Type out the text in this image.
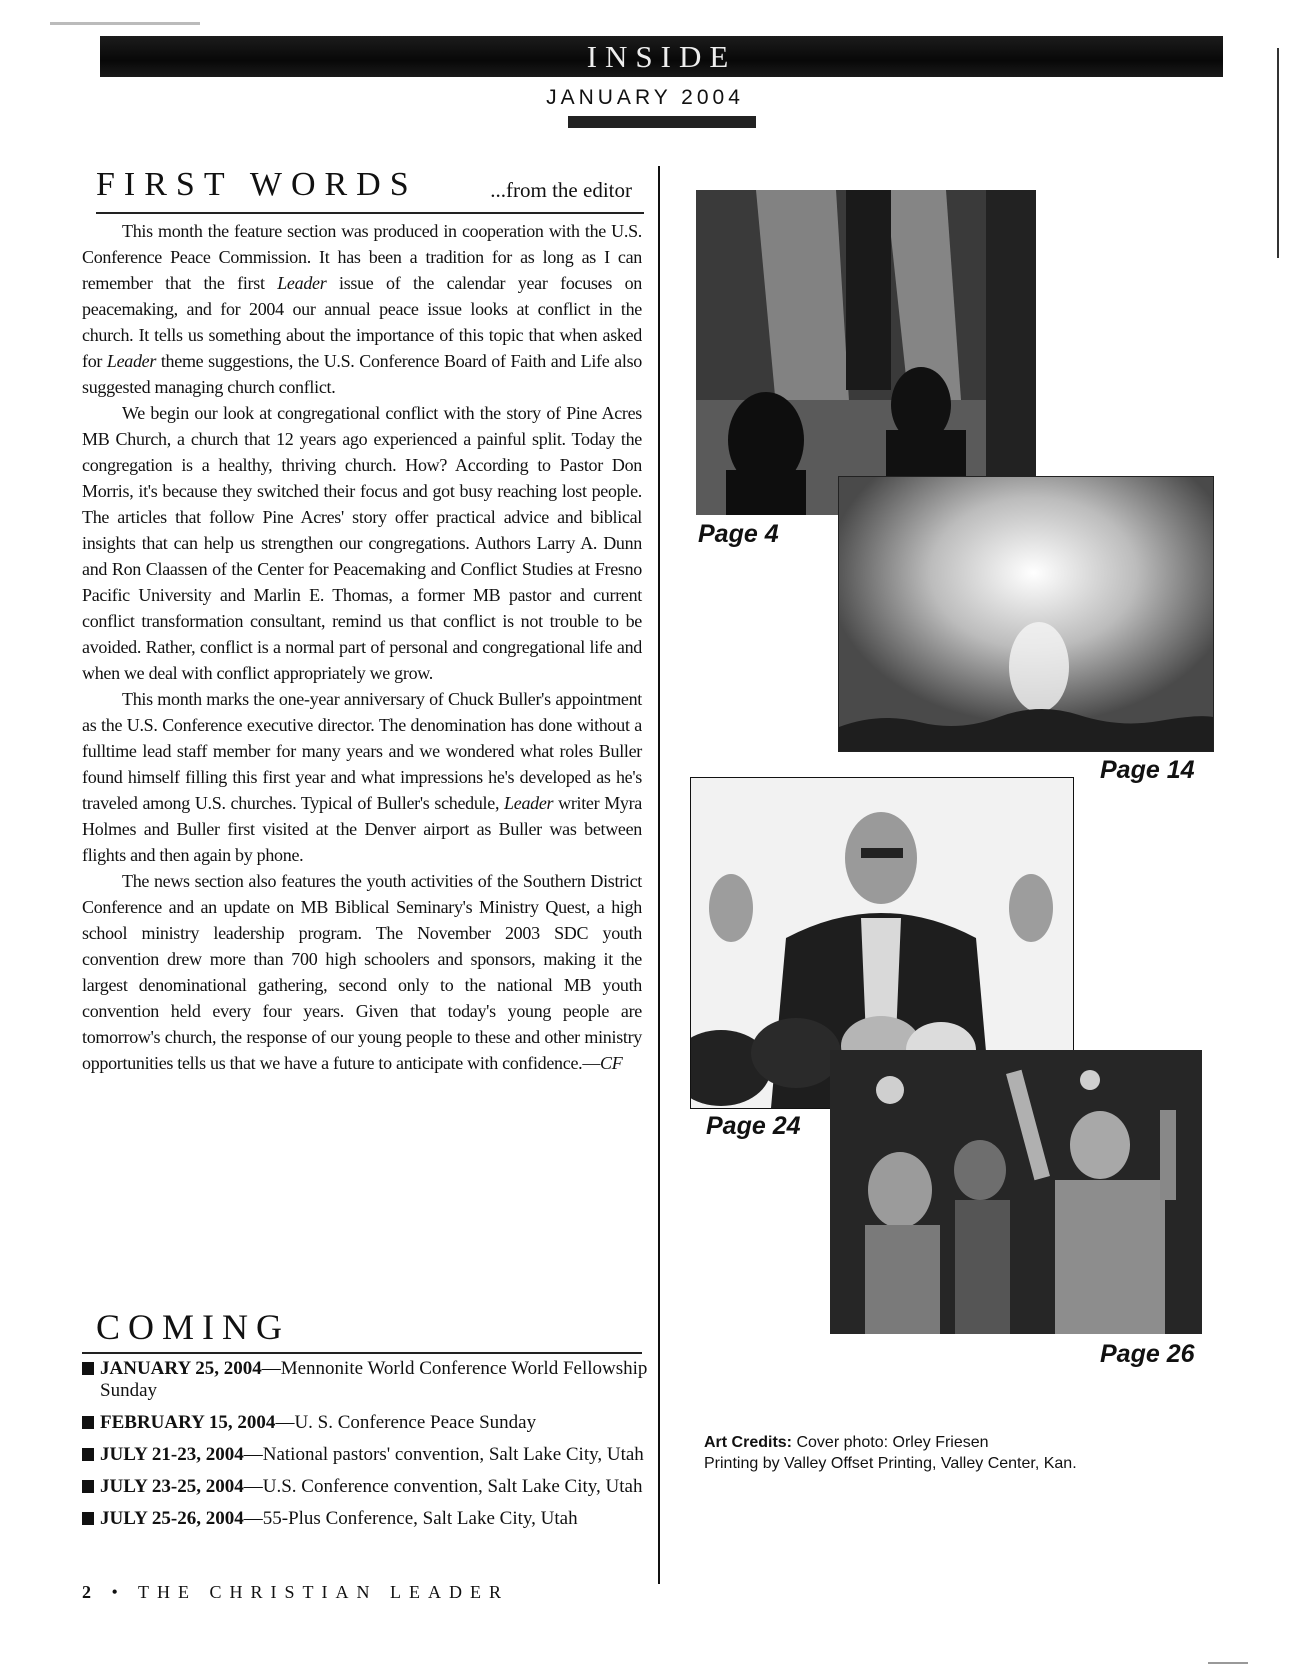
INSIDE
JANUARY 2004
FIRST WORDS	...from the editor

This month the feature section was produced in cooperation with the U.S. Conference Peace Commission. It has been a tradition for as long as I can remember that the first Leader issue of the calendar year focuses on peacemaking, and for 2004 our annual peace issue looks at conflict in the church. It tells us something about the importance of this topic that when asked for Leader theme suggestions, the U.S. Conference Board of Faith and Life also suggested managing church conflict.

We begin our look at congregational conflict with the story of Pine Acres MB Church, a church that 12 years ago experienced a painful split. Today the congregation is a healthy, thriving church. How? According to Pastor Don Morris, it's because they switched their focus and got busy reaching lost people. The articles that follow Pine Acres' story offer practical advice and biblical insights that can help us strengthen our congregations. Authors Larry A. Dunn and Ron Claassen of the Center for Peacemaking and Conflict Studies at Fresno Pacific University and Marlin E. Thomas, a former MB pastor and current conflict transformation consultant, remind us that conflict is not trouble to be avoided. Rather, conflict is a normal part of personal and congregational life and when we deal with conflict appropriately we grow.

This month marks the one-year anniversary of Chuck Buller's appointment as the U.S. Conference executive director. The denomination has done without a fulltime lead staff member for many years and we wondered what roles Buller found himself filling this first year and what impressions he's developed as he's traveled among U.S. churches. Typical of Buller's schedule, Leader writer Myra Holmes and Buller first visited at the Denver airport as Buller was between flights and then again by phone.

The news section also features the youth activities of the Southern District Conference and an update on MB Biblical Seminary's Ministry Quest, a high school ministry leadership program. The November 2003 SDC youth convention drew more than 700 high schoolers and sponsors, making it the largest denominational gathering, second only to the national MB youth convention held every four years. Given that today's young people are tomorrow's church, the response of our young people to these and other ministry opportunities tells us that we have a future to anticipate with confidence.—CF

COMING
JANUARY 25, 2004—Mennonite World Conference World Fellowship Sunday
FEBRUARY 15, 2004—U. S. Conference Peace Sunday
JULY 21-23, 2004—National pastors' convention, Salt Lake City, Utah
JULY 23-25, 2004—U.S. Conference convention, Salt Lake City, Utah
JULY 25-26, 2004—55-Plus Conference, Salt Lake City, Utah
2 • THE CHRISTIAN LEADER
Page 4
Page 14
Page 24
Page 26
Art Credits: Cover photo: Orley Friesen
Printing by Valley Offset Printing, Valley Center, Kan.
